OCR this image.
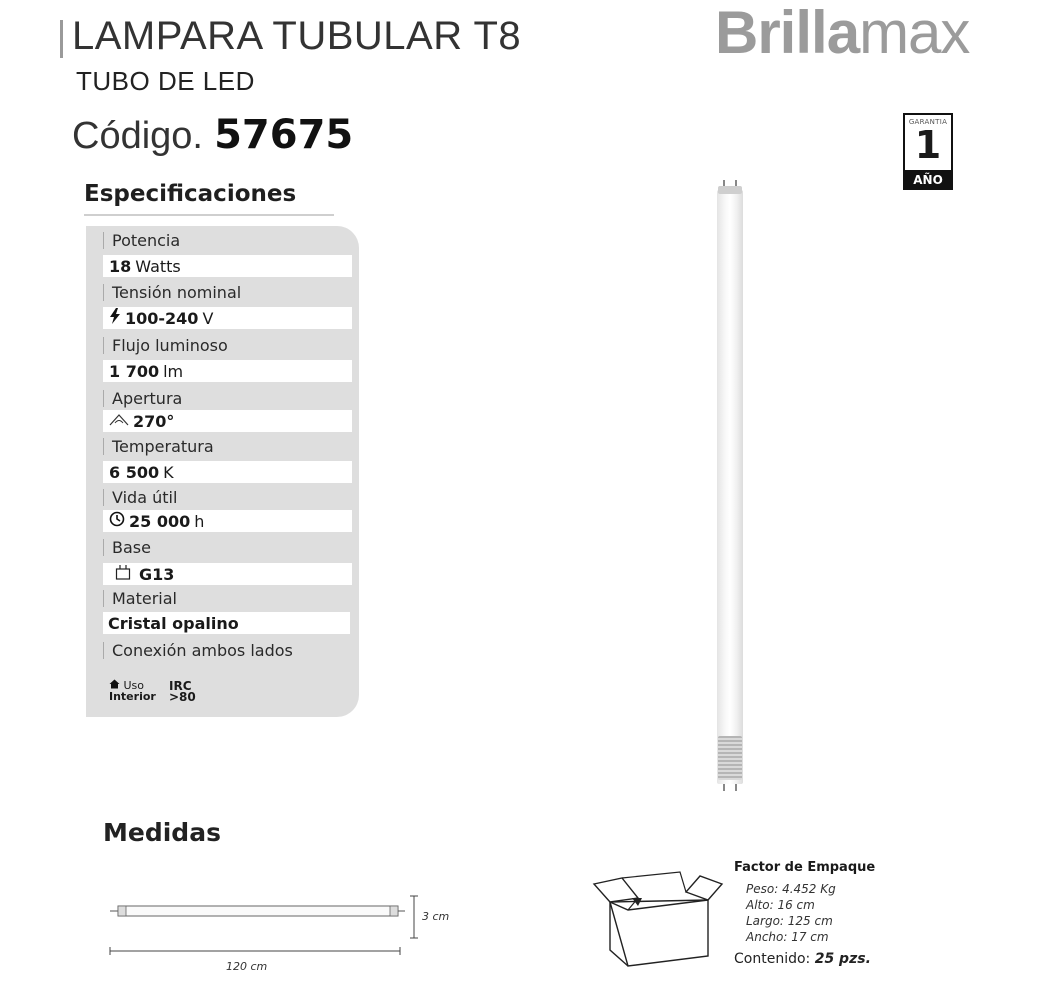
LAMPARA TUBULAR T8
TUBO DE LED
Brillamax
Código. 57675	GARANTIA
1
AÑO
Especificaciones
Potencia
18 Watts
Tensión nominal
100-240 V
Flujo luminoso
1 700 lm
Apertura
270°
Temperatura
6 500 K
Vida útil
25 000 h
Base
G13
Material
Cristal opalino
Conexión ambos lados
Uso
Interior
IRC
>80
Medidas
3 cm
120 cm
Factor de Empaque
Peso: 4.452 Kg
Alto: 16 cm
Largo: 125 cm
Ancho: 17 cm
Contenido: 25 pzs.
